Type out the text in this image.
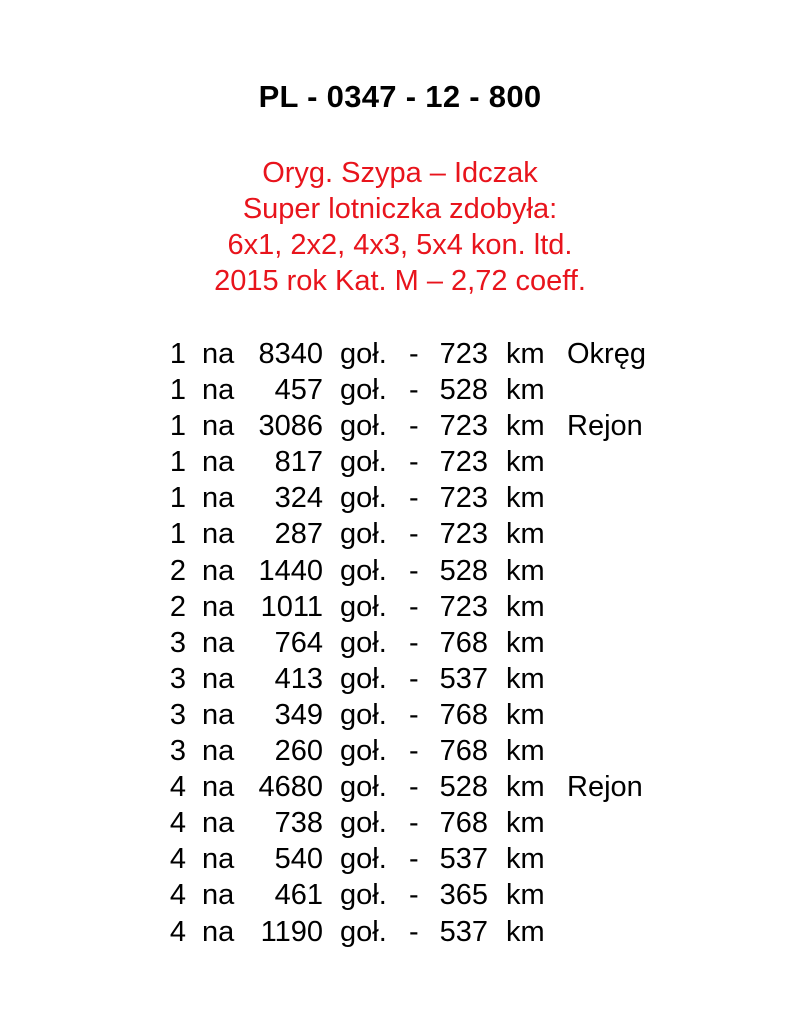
PL - 0347 - 12 - 800
Oryg. Szypa – Idczak
Super lotniczka zdobyła:
6x1, 2x2, 4x3, 5x4 kon. ltd.
2015 rok Kat. M – 2,72 coeff.
1 na 8340 goł. - 723 km Okręg
1 na	457 goł. - 528 km
1 na 3086 goł. - 723 km Rejon
1 na	817 goł. - 723 km
1 na	324 goł. - 723 km
1 na	287 goł. - 723 km
2 na 1440 goł. - 528 km
2 na 1011 goł. - 723 km
3 na	764 goł. - 768 km
3 na	413 goł. - 537 km
3 na	349 goł. - 768 km
3 na	260 goł. - 768 km
4 na 4680 goł. - 528 km Rejon
4 na	738 goł. - 768 km
4 na	540 goł. - 537 km
4 na	461 goł. - 365 km
4 na 1190 goł. - 537 km
